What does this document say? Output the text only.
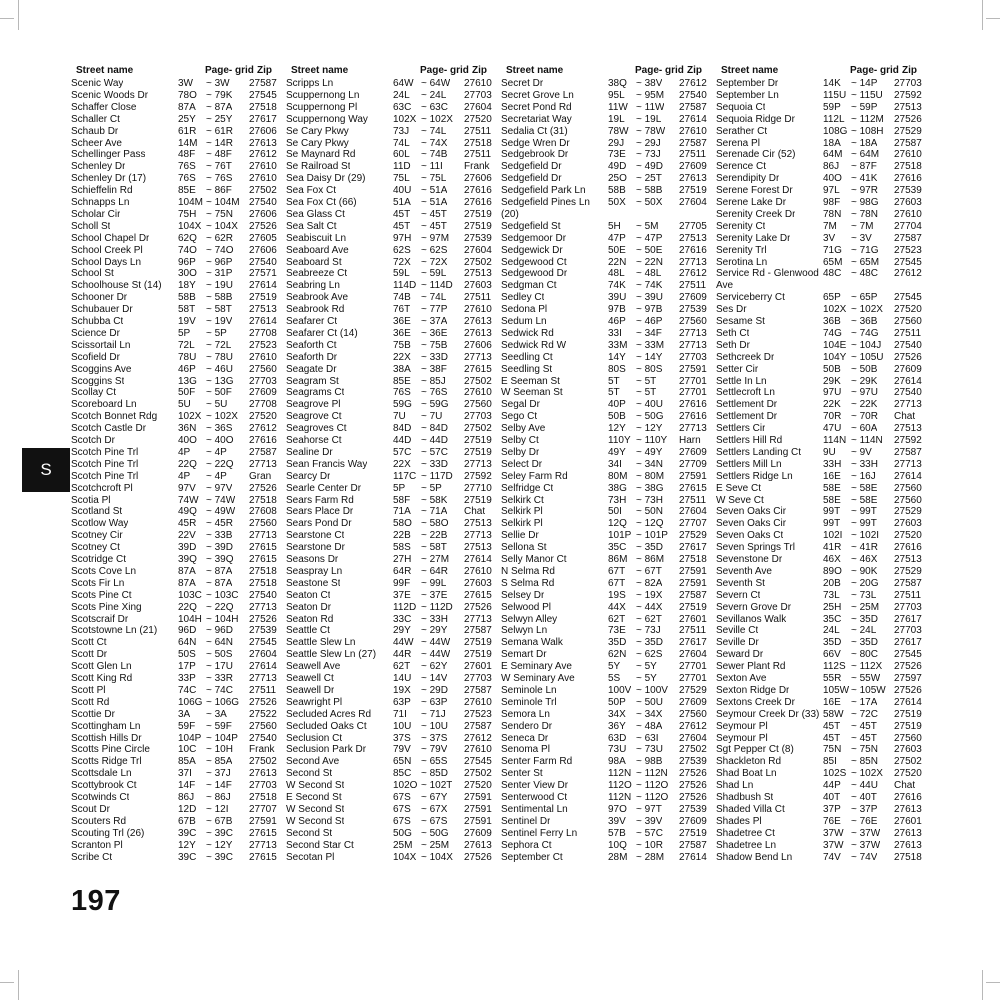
S
Street name	Page- grid Zip
Scenic Way	3W ~ 3W 27587
Scenic Woods Dr	78O ~ 79K 27545
Schaffer Close	87A ~ 87A 27518
Schaller Ct	25Y ~ 25Y 27617
Schaub Dr	61R ~ 61R 27606
Scheer Ave	14M ~ 14R 27613
Schellinger Pass	48F ~ 48F 27612
Schenley Dr	76S ~ 76T 27610
Schenley Dr (17)	76S ~ 76S 27610
Schieffelin Rd	85E ~ 86F 27502
Schnapps Ln	104M ~ 104M 27540
Scholar Cir	75H ~ 75N 27606
Scholl St	104X ~ 104X 27526
School Chapel Dr	62Q ~ 62R 27605
School Creek Pl	74O ~ 74O 27606
School Days Ln	96P ~ 96P 27540
School St	30O ~ 31P 27571
Schoolhouse St (14) 18Y ~ 19U 27614
Schooner Dr	58B ~ 58B 27519
Schubauer Dr	58T ~ 58T 27513
Schubba Ct	19V ~ 19V 27614
Science Dr	5P ~ 5P 27708
Scissortail Ln	72L ~ 72L 27523
Scofield Dr	78U ~ 78U 27610
Scoggins Ave	46P ~ 46U 27560
Scoggins St	13G ~ 13G 27703
Scollay Ct	50F ~ 50F 27609
Scoreboard Ln	5U ~ 5U 27708
Scotch Bonnet Rdg 102X ~ 102X 27520
Scotch Castle Dr	36N ~ 36S 27612
Scotch Dr	40O ~ 40O 27616
Scotch Pine Trl	4P ~ 4P 27587
Scotch Pine Trl	22Q ~ 22Q 27713
Scotch Pine Trl	4P ~ 4P Gran
Scotchcroft Pl	97V ~ 97V 27526
Scotia Pl	74W ~ 74W 27518
Scotland St	49Q ~ 49W 27608
Scotlow Way	45R ~ 45R 27560
Scotney Cir	22V ~ 33B 27713
Scotney Ct	39D ~ 39D 27615
Scotridge Ct	39Q ~ 39Q 27615
Scots Cove Ln	87A ~ 87A 27518
Scots Fir Ln	87A ~ 87A 27518
Scots Pine Ct	103C ~ 103C 27540
Scots Pine Xing	22Q ~ 22Q 27713
Scotscraif Dr	104H ~ 104H 27526
Scotstowne Ln (21) 96D ~ 96D 27539
Scott Ct	64N ~ 64N 27545
Scott Dr	50S ~ 50S 27604
Scott Glen Ln	17P ~ 17U 27614
Scott King Rd	33P ~ 33R 27713
Scott Pl	74C ~ 74C 27511
Scott Rd	106G ~ 106G 27526
Scottie Dr	3A ~ 3A 27522
Scottingham Ln	59F ~ 59F 27560
Scottish Hills Dr	104P ~ 104P 27540
Scotts Pine Circle	10C ~ 10H Frank
Scotts Ridge Trl	85A ~ 85A 27502
Scottsdale Ln	37I ~ 37J 27613
Scottybrook Ct	14F ~ 14F 27703
Scotwinds Ct	86J ~ 86J 27518
Scout Dr	12D ~ 12I 27707
Scouters Rd	67B ~ 67B 27591
Scouting Trl (26)	39C ~ 39C 27615
Scranton Pl	12Y ~ 12Y 27713
Scribe Ct	39C ~ 39C 27615
Street name	Page- grid Zip
Scripps Ln	64W ~ 64W 27610
Scuppernong Ln	24L ~ 24L 27703
Scuppernong Pl	63C ~ 63C 27604
Scuppernong Way	102X ~ 102X 27520
Se Cary Pkwy	73J ~ 74L 27511
Se Cary Pkwy	74L ~ 74X 27518
Se Maynard Rd	60L ~ 74B 27511
Se Railroad St	11D ~ 11I Frank
Sea Daisy Dr (29)	75L ~ 75L 27606
Sea Fox Ct	40U ~ 51A 27616
Sea Fox Ct (66)	51A ~ 51A 27616
Sea Glass Ct	45T ~ 45T 27519
Sea Salt Ct	45T ~ 45T 27519
Seabiscuit Ln	97H ~ 97M 27539
Seaboard Ave	62S ~ 62S 27604
Seaboard St	72X ~ 72X 27502
Seabreeze Ct	59L ~ 59L 27513
Seabring Ln	114D ~ 114D 27603
Seabrook Ave	74B ~ 74L 27511
Seabrook Rd	76T ~ 77P 27610
Seafarer Ct	36E ~ 37A 27613
Seafarer Ct (14)	36E ~ 36E 27613
Seaforth Ct	75B ~ 75B 27606
Seaforth Dr	22X ~ 33D 27713
Seagate Dr	38A ~ 38F 27615
Seagram St	85E ~ 85J 27502
Seagrams Ct	76S ~ 76S 27610
Seagrove Pl	59G ~ 59G 27560
Seagrove Ct	7U ~ 7U 27703
Seagroves Ct	84D ~ 84D 27502
Seahorse Ct	44D ~ 44D 27519
Sealine Dr	57C ~ 57C 27519
Sean Francis Way	22X ~ 33D 27713
Searcy Dr	117C ~ 117D 27592
Searle Center Dr	5P ~ 5P 27710
Sears Farm Rd	58F ~ 58K 27519
Sears Place Dr	71A ~ 71A Chat
Sears Pond Dr	58O ~ 58O 27513
Searstone Ct	22B ~ 22B 27713
Searstone Dr	58S ~ 58T 27513
Seasons Dr	27H ~ 27M 27614
Seaspray Ln	64R ~ 64R 27610
Seastone St	99F ~ 99L 27603
Seaton Ct	37E ~ 37E 27615
Seaton Dr	112D ~ 112D 27526
Seaton Rd	33C ~ 33H 27713
Seattle Ct	29Y ~ 29Y 27587
Seattle Slew Ln	44W ~ 44W 27519
Seattle Slew Ln (27) 44R ~ 44W 27519
Seawell Ave	62T ~ 62Y 27601
Seawell Ct	14U ~ 14V 27703
Seawell Dr	19X ~ 29D 27587
Seawright Pl	63P ~ 63P 27610
Secluded Acres Rd 71I ~ 71J 27523
Secluded Oaks Ct	10U ~ 10U 27587
Seclusion Ct	37S ~ 37S 27612
Seclusion Park Dr	79V ~ 79V 27610
Second Ave	65N ~ 65S 27545
Second St	85C ~ 85D 27502
W Second St	102O ~ 102T 27520
E Second St	67S ~ 67Y 27591
W Second St	67S ~ 67X 27591
W Second St	67S ~ 67S 27591
Second St	50G ~ 50G 27609
Second Star Ct	25M ~ 25M 27613
Secotan Pl	104X ~ 104X 27526
Street name	Page- grid Zip
Secret Dr	38Q ~ 38V 27612
Secret Grove Ln	95L ~ 95M 27540
Secret Pond Rd	11W ~ 11W 27587
Secretariat Way	19L ~ 19L 27614
Sedalia Ct (31)	78W ~ 78W 27610
Sedge Wren Dr	29J ~ 29J 27587
Sedgebrook Dr	73E ~ 73J 27511
Sedgefield Dr	49D ~ 49D 27609
Sedgefield Dr	25O ~ 25T 27613
Sedgefield Park Ln 58B ~ 58B 27519
Sedgefield Pines Ln 50X ~ 50X 27604
(20)
Sedgefield St	5H ~ 5M 27705
Sedgemoor Dr	47P ~ 47P 27513
Sedgewick Dr	50E ~ 50E 27616
Sedgewood Ct	22N ~ 22N 27713
Sedgewood Dr	48L ~ 48L 27612
Sedgman Ct	74K ~ 74K 27511
Sedley Ct	39U ~ 39U 27609
Sedona Pl	97B ~ 97B 27539
Sedum Ln	46P ~ 46P 27560
Sedwick Rd	33I ~ 34F 27713
Sedwick Rd W	33M ~ 33M 27713
Seedling Ct	14Y ~ 14Y 27703
Seedling St	80S ~ 80S 27591
E Seeman St	5T ~ 5T 27701
W Seeman St	5T ~ 5T 27701
Segal Dr	40P ~ 40U 27616
Sego Ct	50B ~ 50G 27616
Selby Ave	12Y ~ 12Y 27713
Selby Ct	110Y ~ 110Y Harn
Selby Dr	49Y ~ 49Y 27609
Select Dr	34I ~ 34N 27709
Seley Farm Rd	80M ~ 80M 27591
Selfridge Ct	38G ~ 38G 27615
Selkirk Ct	73H ~ 73H 27511
Selkirk Pl	50I ~ 50N 27604
Selkirk Pl	12Q ~ 12Q 27707
Sellie Dr	101P ~ 101P 27529
Sellona St	35C ~ 35D 27617
Selly Manor Ct	86M ~ 86M 27518
N Selma Rd	67T ~ 67T 27591
S Selma Rd	67T ~ 82A 27591
Selsey Dr	19S ~ 19X 27587
Selwood Pl	44X ~ 44X 27519
Selwyn Alley	62T ~ 62T 27601
Selwyn Ln	73E ~ 73J 27511
Semana Walk	35D ~ 35D 27617
Semart Dr	62N ~ 62S 27604
E Seminary Ave	5Y ~ 5Y 27701
W Seminary Ave	5S ~ 5Y 27701
Seminole Ln	100V ~ 100V 27529
Seminole Trl	50P ~ 50U 27609
Semora Ln	34X ~ 34X 27560
Sendero Dr	36Y ~ 48A 27612
Seneca Dr	63D ~ 63I 27604
Senoma Pl	73U ~ 73U 27502
Senter Farm Rd	98A ~ 98B 27539
Senter St	112N ~ 112N 27526
Senter View Dr	112O ~ 112O 27526
Senterwood Ct	112N ~ 112O 27526
Sentimental Ln	97O ~ 97T 27539
Sentinel Dr	39V ~ 39V 27609
Sentinel Ferry Ln	57B ~ 57C 27519
Sephora Ct	10Q ~ 10R 27587
September Ct	28M ~ 28M 27614
Street name	Page- grid Zip
September Dr	14K ~ 14P 27703
September Ln	115U ~ 115U 27592
Sequoia Ct	59P ~ 59P 27513
Sequoia Ridge Dr	112L ~ 112M 27526
Serather Ct	108G ~ 108H 27529
Serena Pl	18A ~ 18A 27587
Serenade Cir (52)	64M ~ 64M 27610
Serence Ct	86J ~ 87F 27518
Serendipity Dr	40O ~ 41K 27616
Serene Forest Dr	97L ~ 97R 27539
Serene Lake Dr	98F ~ 98G 27603
Serenity Creek Dr	78N ~ 78N 27610
Serenity Ct	7M ~ 7M 27704
Serenity Lake Dr	3V ~ 3V 27587
Serenity Trl	71G ~ 71G 27523
Serotina Ln	65M ~ 65M 27545
Service Rd - Glenwood 48C ~ 48C 27612
Ave
Serviceberry Ct	65P ~ 65P 27545
Ses Dr	102X ~ 102X 27520
Sesame St	36B ~ 36B 27560
Seth Ct	74G ~ 74G 27511
Seth Dr	104E ~ 104J 27540
Sethcreek Dr	104Y ~ 105U 27526
Setter Cir	50B ~ 50B 27609
Settle In Ln	29K ~ 29K 27614
Settlecroft Ln	97U ~ 97U 27540
Settlement Dr	22K ~ 22K 27713
Settlement Dr	70R ~ 70R Chat
Settlers Cir	47U ~ 60A 27513
Settlers Hill Rd	114N ~ 114N 27592
Settlers Landing Ct 9U ~ 9V 27587
Settlers Mill Ln	33H ~ 33H 27713
Settlers Ridge Ln	16E ~ 16J 27614
E Seve Ct	58E ~ 58E 27560
W Seve Ct	58E ~ 58E 27560
Seven Oaks Cir	99T ~ 99T 27529
Seven Oaks Cir	99T ~ 99T 27603
Seven Oaks Ct	102I ~ 102I 27520
Seven Springs Trl	41R ~ 41R 27616
Sevenstone Dr	46X ~ 46X 27513
Seventh Ave	89O ~ 90K 27529
Seventh St	20B ~ 20G 27587
Severn Ct	73L ~ 73L 27511
Severn Grove Dr	25H ~ 25M 27703
Sevillanos Walk	35C ~ 35D 27617
Seville Ct	24L ~ 24L 27703
Seville Dr	35D ~ 35D 27617
Seward Dr	66V ~ 80C 27545
Sewer Plant Rd	112S ~ 112X 27526
Sexton Ave	55R ~ 55W 27597
Sexton Ridge Dr	105W ~ 105W 27526
Sextons Creek Dr	16E ~ 17A 27614
Seymour Creek Dr (33) 58W ~ 72C 27519
Seymour Pl	45T ~ 45T 27519
Seymour Pl	45T ~ 45T 27560
Sgt Pepper Ct (8)	75N ~ 75N 27603
Shackleton Rd	85I ~ 85N 27502
Shad Boat Ln	102S ~ 102X 27520
Shad Ln	44P ~ 44U Chat
Shadbush St	40T ~ 40T 27616
Shaded Villa Ct	37P ~ 37P 27613
Shades Pl	76E ~ 76E 27601
Shadetree Ct	37W ~ 37W 27613
Shadetree Ln	37W ~ 37W 27613
Shadow Bend Ln	74V ~ 74V 27518
197
